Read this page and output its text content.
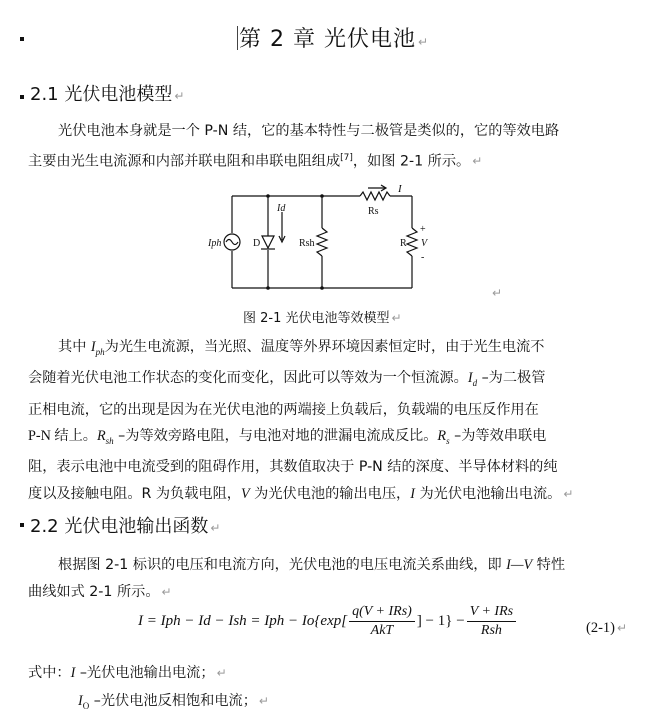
第 2 章 光伏电池 ↵
2.1 光伏电池模型 ↵
光伏电池本身就是一个 P-N 结，它的基本特性与二极管是类似的，它的等效电路
主要由光生电流源和内部并联电阻和串联电阻组成[7]，如图 2-1 所示。 ↵
Iph	D
Id
Rsh
Rs
I
R
+
V
-
↵
图 2-1 光伏电池等效模型 ↵
其中 $I_{ph}$为光生电流源，当光照、温度等外界环境因素恒定时，由于光生电流不
会随着光伏电池工作状态的变化而变化，因此可以等效为一个恒流源。$I_d$ –为二极管
正相电流，它的出现是因为在光伏电池的两端接上负载后，负载端的电压反作用在
P-N 结上。$R_{sh}$ –为等效旁路电阻，与电池对地的泄漏电流成反比。$R_s$ –为等效串联电
阻，表示电池中电流受到的阻碍作用，其数值取决于 P-N 结的深度、半导体材料的纯
度以及接触电阻。R 为负载电阻，V 为光伏电池的输出电压，I 为光伏电池输出电流。 ↵
2.2 光伏电池输出函数 ↵
根据图 2-1 标识的电压和电流方向，光伏电池的电压电流关系曲线，即 I—V 特性
曲线如式 2-1 所示。 ↵
I = Iph − Id − Ish = Iph − $Io\{\exp[ \frac{\text{q(V + IRs)}}{\text{AkT}}$ ] − $1\} - \frac{\text{V + IRs}}{\text{Rsh}}$	(2-1) ↵
式中：I –光伏电池输出电流； ↵
$I_O$ –光伏电池反相饱和电流； ↵
